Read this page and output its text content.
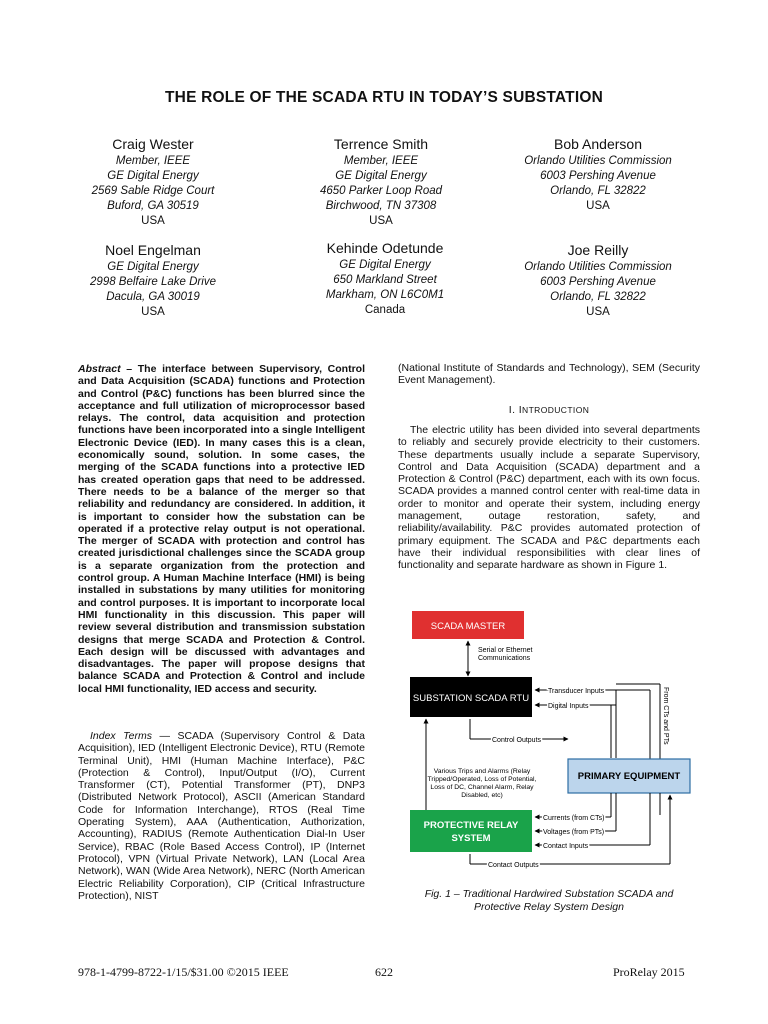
THE ROLE OF THE SCADA RTU IN TODAY’S SUBSTATION
Craig Wester
Member, IEEE
GE Digital Energy
2569 Sable Ridge Court
Buford, GA 30519
USA
Terrence Smith
Member, IEEE
GE Digital Energy
4650 Parker Loop Road
Birchwood, TN 37308
USA
Bob Anderson
Orlando Utilities Commission
6003 Pershing Avenue
Orlando, FL 32822
USA
Noel Engelman
GE Digital Energy
2998 Belfaire Lake Drive
Dacula, GA 30019
USA
Kehinde Odetunde
GE Digital Energy
650 Markland Street
Markham, ON L6C0M1
Canada
Joe Reilly
Orlando Utilities Commission
6003 Pershing Avenue
Orlando, FL 32822
USA
Abstract – The interface between Supervisory, Control and Data Acquisition (SCADA) functions and Protection and Control (P&C) functions has been blurred since the acceptance and full utilization of microprocessor based relays. The control, data acquisition and protection functions have been incorporated into a single Intelligent Electronic Device (IED). In many cases this is a clean, economically sound, solution. In some cases, the merging of the SCADA functions into a protective IED has created operation gaps that need to be addressed. There needs to be a balance of the merger so that reliability and redundancy are considered. In addition, it is important to consider how the substation can be operated if a protective relay output is not operational. The merger of SCADA with protection and control has created jurisdictional challenges since the SCADA group is a separate organization from the protection and control group. A Human Machine Interface (HMI) is being installed in substations by many utilities for monitoring and control purposes. It is important to incorporate local HMI functionality in this discussion. This paper will review several distribution and transmission substation designs that merge SCADA and Protection & Control. Each design will be discussed with advantages and disadvantages. The paper will propose designs that balance SCADA and Protection & Control and include local HMI functionality, IED access and security.
Index Terms — SCADA (Supervisory Control & Data Acquisition), IED (Intelligent Electronic Device), RTU (Remote Terminal Unit), HMI (Human Machine Interface), P&C (Protection & Control), Input/Output (I/O), Current Transformer (CT), Potential Transformer (PT), DNP3 (Distributed Network Protocol), ASCII (American Standard Code for Information Interchange), RTOS (Real Time Operating System), AAA (Authentication, Authorization, Accounting), RADIUS (Remote Authentication Dial-In User Service), RBAC (Role Based Access Control), IP (Internet Protocol), VPN (Virtual Private Network), LAN (Local Area Network), WAN (Wide Area Network), NERC (North American Electric Reliability Corporation), CIP (Critical Infrastructure Protection), NIST
(National Institute of Standards and Technology), SEM (Security Event Management).
I. INTRODUCTION
The electric utility has been divided into several departments to reliably and securely provide electricity to their customers. These departments usually include a separate Supervisory, Control and Data Acquisition (SCADA) department and a Protection & Control (P&C) department, each with its own focus. SCADA provides a manned control center with real-time data in order to monitor and operate their system, including energy management, outage restoration, safety, and reliability/availability. P&C provides automated protection of primary equipment. The SCADA and P&C departments each have their individual responsibilities with clear lines of functionality and separate hardware as shown in Figure 1.
SCADA MASTER
Serial or Ethernet
Communications
SUBSTATION SCADA RTU
Transducer Inputs
Digital Inputs	From CTs and PTs
Control Outputs
PRIMARY EQUIPMENT
Various Trips and Alarms (Relay
Tripped/Operated, Loss of Potential,
Loss of DC, Channel Alarm, Relay
Disabled, etc)
PROTECTIVE RELAY
SYSTEM
Currents (from CTs)
Voltages (from PTs)
Contact Inputs
Contact Outputs
Fig. 1 – Traditional Hardwired Substation SCADA and
Protective Relay System Design
978-1-4799-8722-1/15/$31.00 ©2015 IEEE	622	ProRelay 2015
